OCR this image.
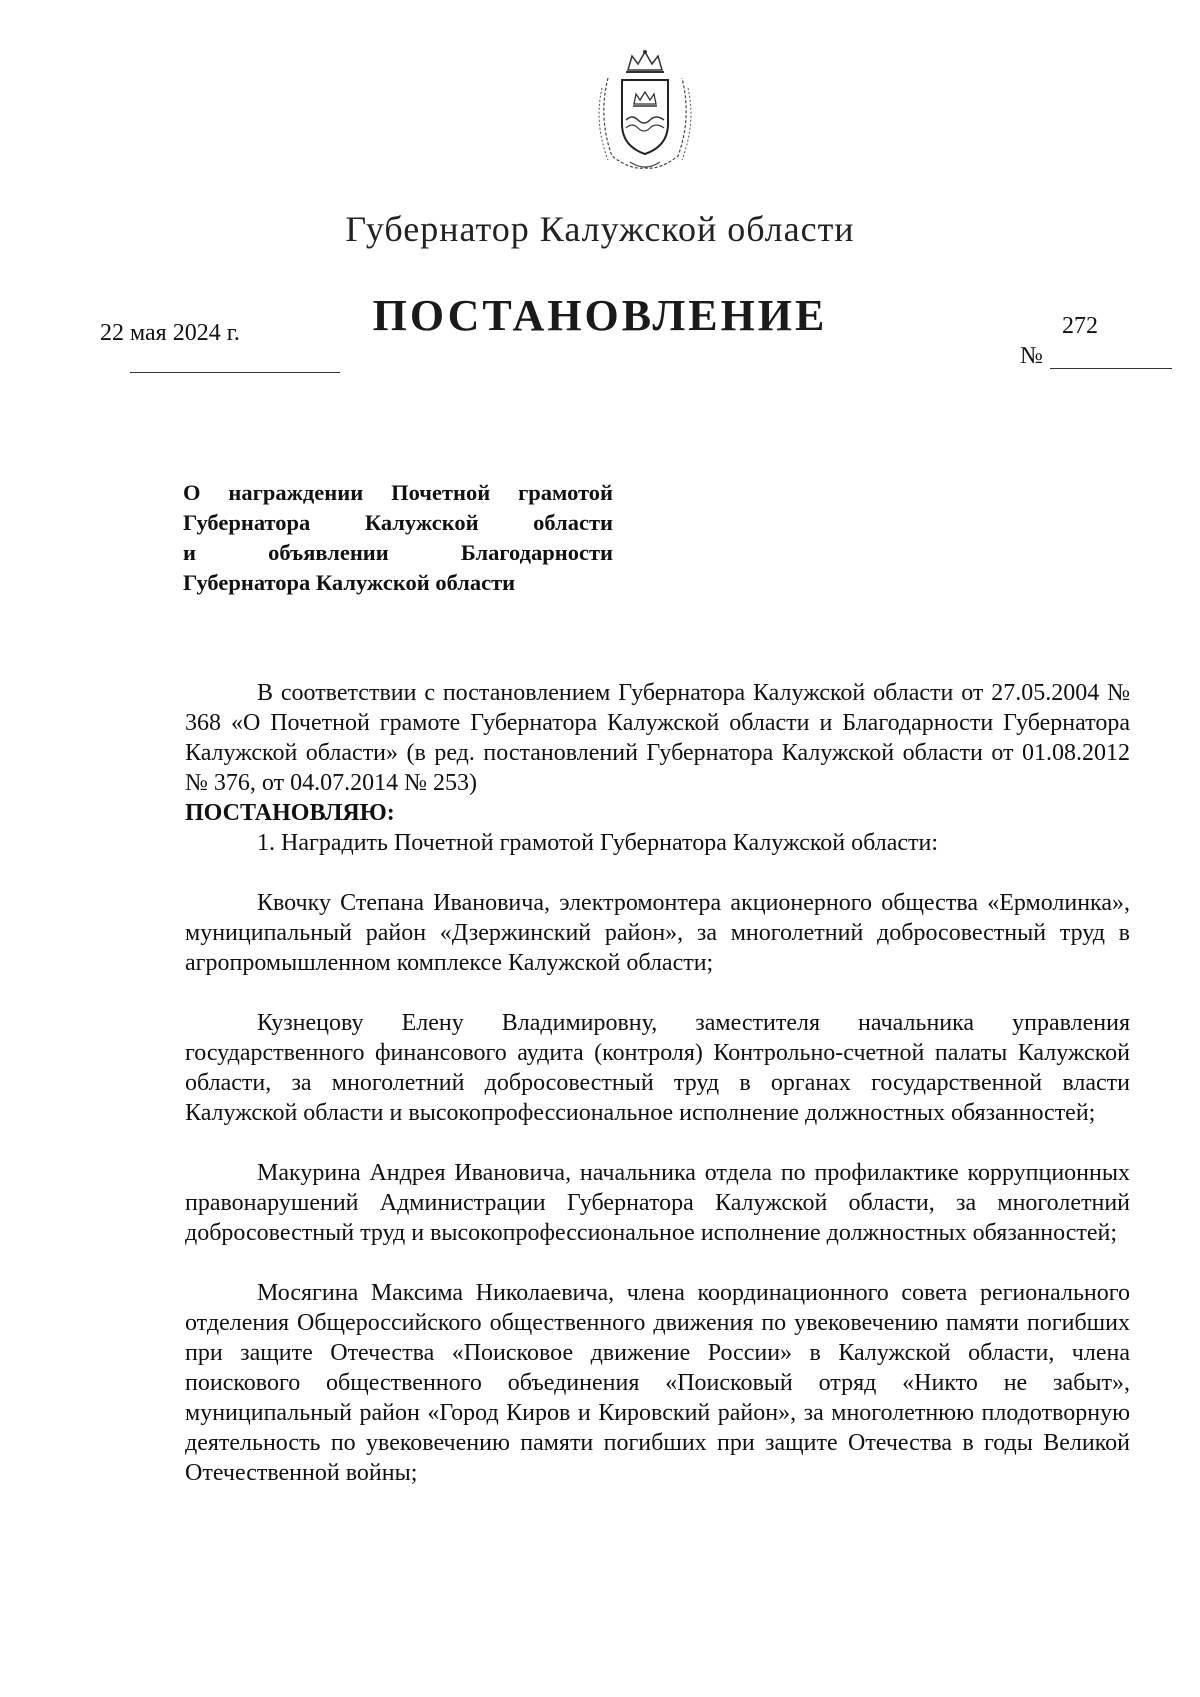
Губернатор Калужской области
ПОСТАНОВЛЕНИЕ
22 мая 2024 г.	272
№
О награждении Почетной грамотой
Губернатора Калужской области
и объявлении Благодарности
Губернатора Калужской области

В соответствии с постановлением Губернатора Калужской области от 27.05.2004 № 368 «О Почетной грамоте Губернатора Калужской области и Благодарности Губернатора Калужской области» (в ред. постановлений Губернатора Калужской области от 01.08.2012 № 376, от 04.07.2014 № 253)

ПОСТАНОВЛЯЮ:

1. Наградить Почетной грамотой Губернатора Калужской области:

Квочку Степана Ивановича, электромонтера акционерного общества «Ермолинка», муниципальный район «Дзержинский район», за многолетний добросовестный труд в агропромышленном комплексе Калужской области;

Кузнецову Елену Владимировну, заместителя начальника управления государственного финансового аудита (контроля) Контрольно-счетной палаты Калужской области, за многолетний добросовестный труд в органах государственной власти Калужской области и высокопрофессиональное исполнение должностных обязанностей;

Макурина Андрея Ивановича, начальника отдела по профилактике коррупционных правонарушений Администрации Губернатора Калужской области, за многолетний добросовестный труд и высокопрофессиональное исполнение должностных обязанностей;

Мосягина Максима Николаевича, члена координационного совета регионального отделения Общероссийского общественного движения по увековечению памяти погибших при защите Отечества «Поисковое движение России» в Калужской области, члена поискового общественного объединения «Поисковый отряд «Никто не забыт», муниципальный район «Город Киров и Кировский район», за многолетнюю плодотворную деятельность по увековечению памяти погибших при защите Отечества в годы Великой Отечественной войны;
